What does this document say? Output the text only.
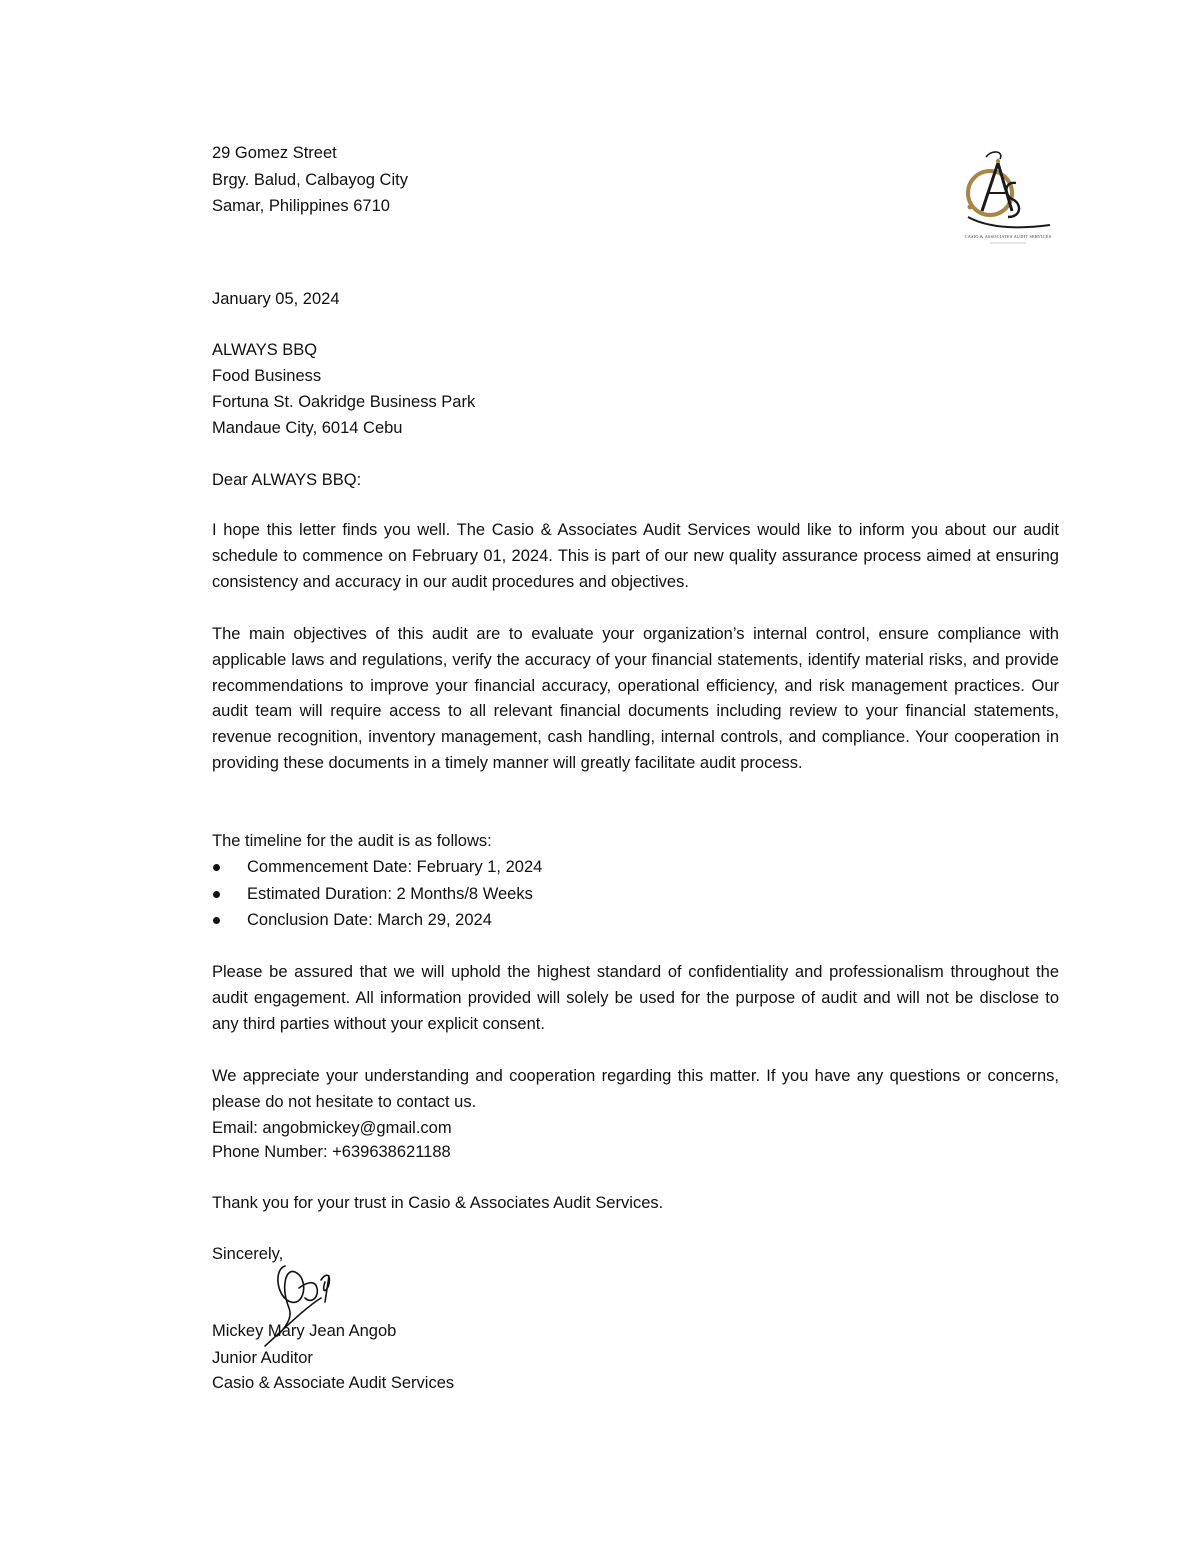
29 Gomez Street
Brgy. Balud, Calbayog City
Samar, Philippines 6710
CASIO & ASSOCIATES AUDIT SERVICES
January 05, 2024
ALWAYS BBQ
Food Business
Fortuna St. Oakridge Business Park
Mandaue City, 6014 Cebu
Dear ALWAYS BBQ:
I hope this letter finds you well. The Casio & Associates Audit Services would like to inform you about our audit schedule to commence on February 01, 2024. This is part of our new quality assurance process aimed at ensuring consistency and accuracy in our audit procedures and objectives.
The main objectives of this audit are to evaluate your organization’s internal control, ensure compliance with applicable laws and regulations, verify the accuracy of your financial statements, identify material risks, and provide recommendations to improve your financial accuracy, operational efficiency, and risk management practices. Our audit team will require access to all relevant financial documents including review to your financial statements, revenue recognition, inventory management, cash handling, internal controls, and compliance. Your cooperation in providing these documents in a timely manner will greatly facilitate audit process.
The timeline for the audit is as follows:
Commencement Date: February 1, 2024
Estimated Duration: 2 Months/8 Weeks
Conclusion Date: March 29, 2024
Please be assured that we will uphold the highest standard of confidentiality and professionalism throughout the audit engagement. All information provided will solely be used for the purpose of audit and will not be disclose to any third parties without your explicit consent.
We appreciate your understanding and cooperation regarding this matter. If you have any questions or concerns, please do not hesitate to contact us.
Email: angobmickey@gmail.com
Phone Number: +639638621188
Thank you for your trust in Casio & Associates Audit Services.
Sincerely,
Mickey Mary Jean Angob
Junior Auditor
Casio & Associate Audit Services
